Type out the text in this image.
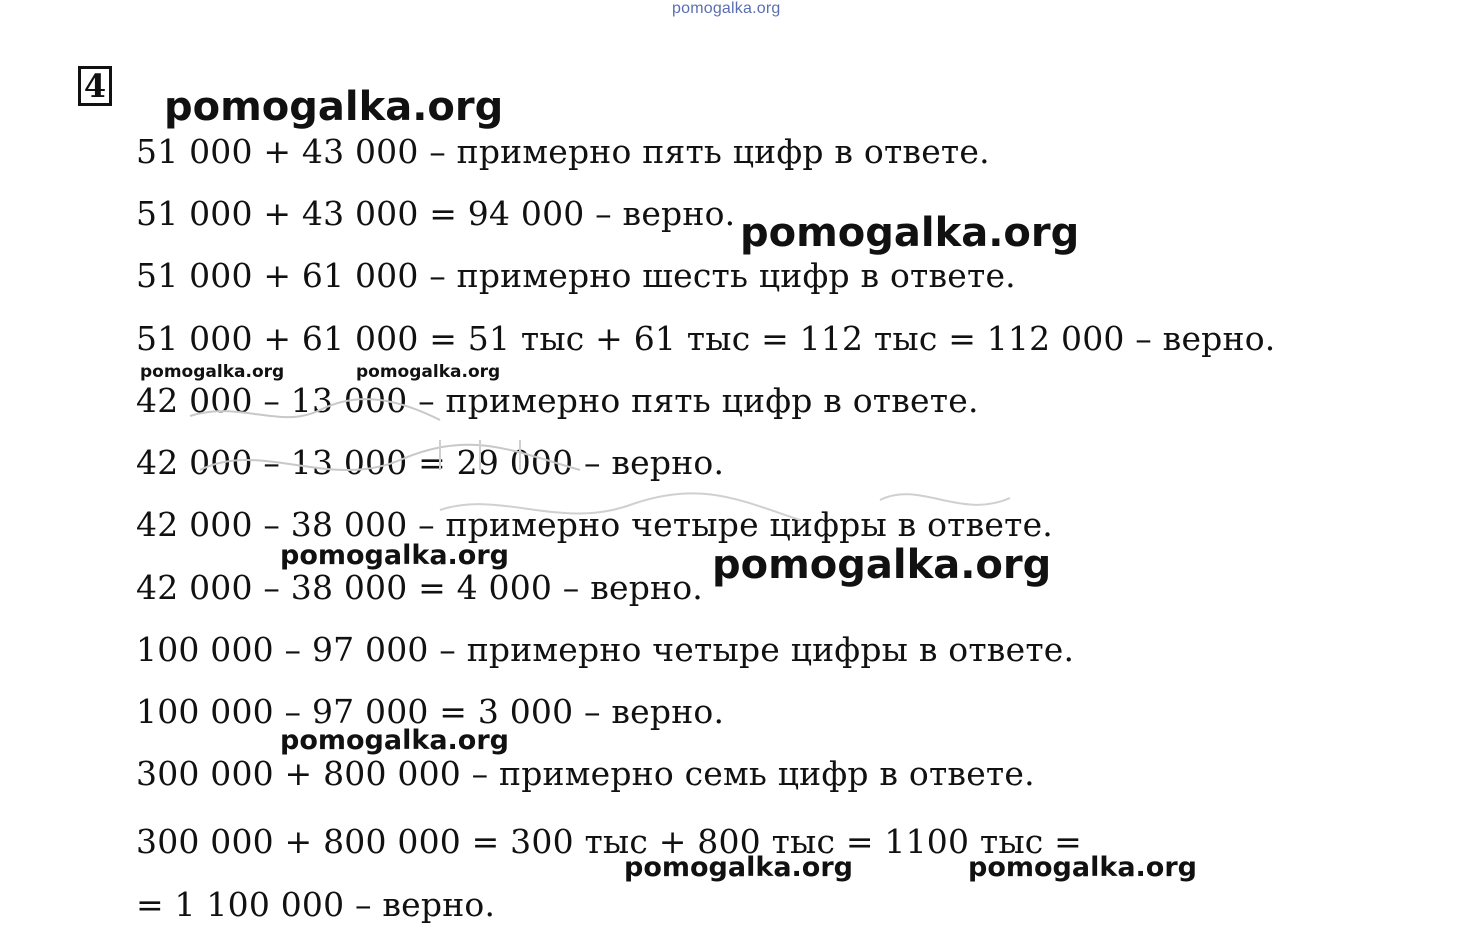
pomogalka.org
4 pomogalka.org
51 000 + 43 000 – примерно пять цифр в ответе.
51 000 + 43 000 = 94 000 – верно. pomogalka.org
51 000 + 61 000 – примерно шесть цифр в ответе.
51 000 + 61 000 = 51 тыс + 61 тыс = 112 тыс = 112 000 – верно.
pomogalka.org	pomogalka.org
42 000 – 13 000 – примерно пять цифр в ответе.
42 000 – 13 000 = 29 000 – верно.
42 000 – 38 000 – примерно четыре цифры в ответе.
pomogalka.org	pomogalka.org
42 000 – 38 000 = 4 000 – верно.
100 000 – 97 000 – примерно четыре цифры в ответе.
100 000 – 97 000 = 3 000 – верно.
pomogalka.org
300 000 + 800 000 – примерно семь цифр в ответе.
300 000 + 800 000 = 300 тыс + 800 тыс = 1100 тыс =
pomogalka.org	pomogalka.org
= 1 100 000 – верно.
